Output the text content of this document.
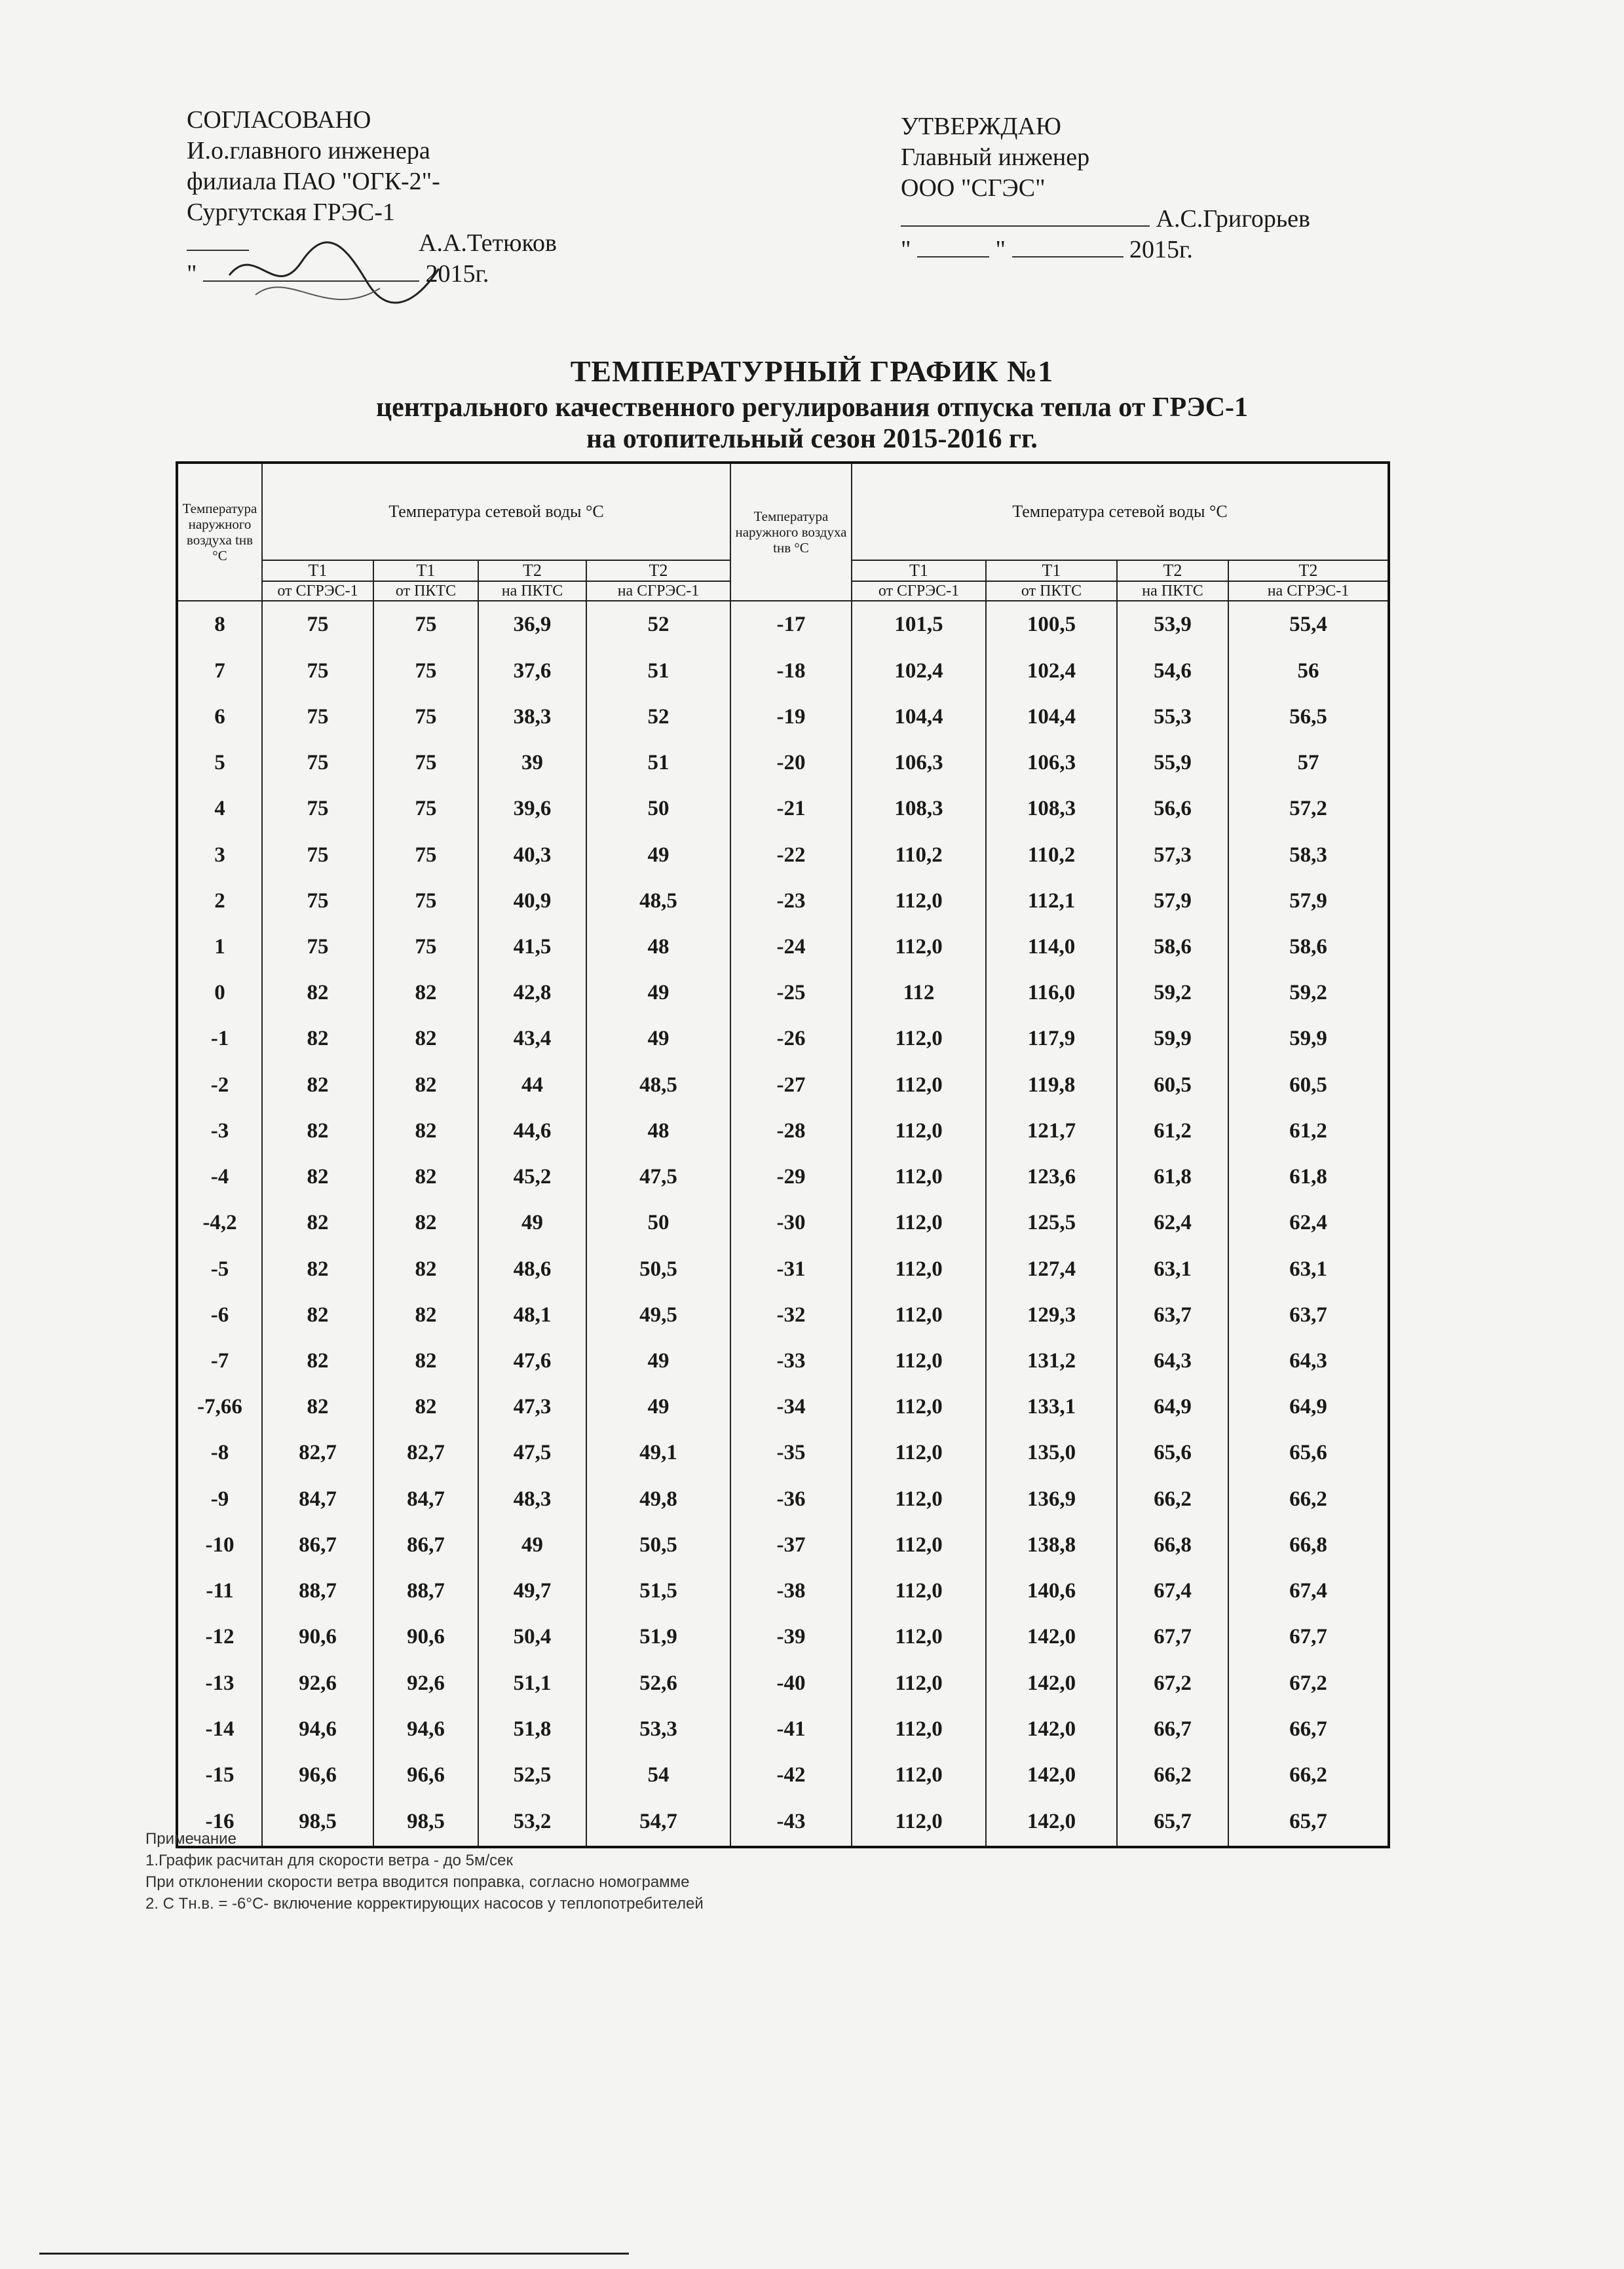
СОГЛАСОВАНО
И.о.главного инженера
филиала ПАО "ОГК-2"-
Сургутская ГРЭС-1
А.А.Тетюков
"	2015г.
УТВЕРЖДАЮ
Главный инженер
ООО "СГЭС"
А.С.Григорьев
"	"	2015г.
ТЕМПЕРАТУРНЫЙ ГРАФИК №1
центрального качественного регулирования отпуска тепла от ГРЭС-1
на отопительный сезон 2015-2016 гг.
Температура наружного воздуха tнв °С	Температура сетевой воды °С				Температура наружного воздуха tнв °С	Температура сетевой воды °С			
	Т1	Т1	Т2	Т2		Т1	Т1	Т2	Т2
	от СГРЭС-1	от ПКТС	на ПКТС	на СГРЭС-1		от СГРЭС-1	от ПКТС	на ПКТС	на СГРЭС-1
8	75	75	36,9	52	-17	101,5	100,5	53,9	55,4
7	75	75	37,6	51	-18	102,4	102,4	54,6	56
6	75	75	38,3	52	-19	104,4	104,4	55,3	56,5
5	75	75	39	51	-20	106,3	106,3	55,9	57
4	75	75	39,6	50	-21	108,3	108,3	56,6	57,2
3	75	75	40,3	49	-22	110,2	110,2	57,3	58,3
2	75	75	40,9	48,5	-23	112,0	112,1	57,9	57,9
1	75	75	41,5	48	-24	112,0	114,0	58,6	58,6
0	82	82	42,8	49	-25	112	116,0	59,2	59,2
-1	82	82	43,4	49	-26	112,0	117,9	59,9	59,9
-2	82	82	44	48,5	-27	112,0	119,8	60,5	60,5
-3	82	82	44,6	48	-28	112,0	121,7	61,2	61,2
-4	82	82	45,2	47,5	-29	112,0	123,6	61,8	61,8
-4,2	82	82	49	50	-30	112,0	125,5	62,4	62,4
-5	82	82	48,6	50,5	-31	112,0	127,4	63,1	63,1
-6	82	82	48,1	49,5	-32	112,0	129,3	63,7	63,7
-7	82	82	47,6	49	-33	112,0	131,2	64,3	64,3
-7,66	82	82	47,3	49	-34	112,0	133,1	64,9	64,9
-8	82,7	82,7	47,5	49,1	-35	112,0	135,0	65,6	65,6
-9	84,7	84,7	48,3	49,8	-36	112,0	136,9	66,2	66,2
-10	86,7	86,7	49	50,5	-37	112,0	138,8	66,8	66,8
-11	88,7	88,7	49,7	51,5	-38	112,0	140,6	67,4	67,4
-12	90,6	90,6	50,4	51,9	-39	112,0	142,0	67,7	67,7
-13	92,6	92,6	51,1	52,6	-40	112,0	142,0	67,2	67,2
-14	94,6	94,6	51,8	53,3	-41	112,0	142,0	66,7	66,7
-15	96,6	96,6	52,5	54	-42	112,0	142,0	66,2	66,2
-16	98,5	98,5	53,2	54,7	-43	112,0	142,0	65,7	65,7
Примечание
1.График расчитан для скорости ветра - до 5м/сек
При отклонении скорости ветра вводится поправка, согласно номограмме
2. С Тн.в. = -6°С- включение корректирующих насосов у теплопотребителей
